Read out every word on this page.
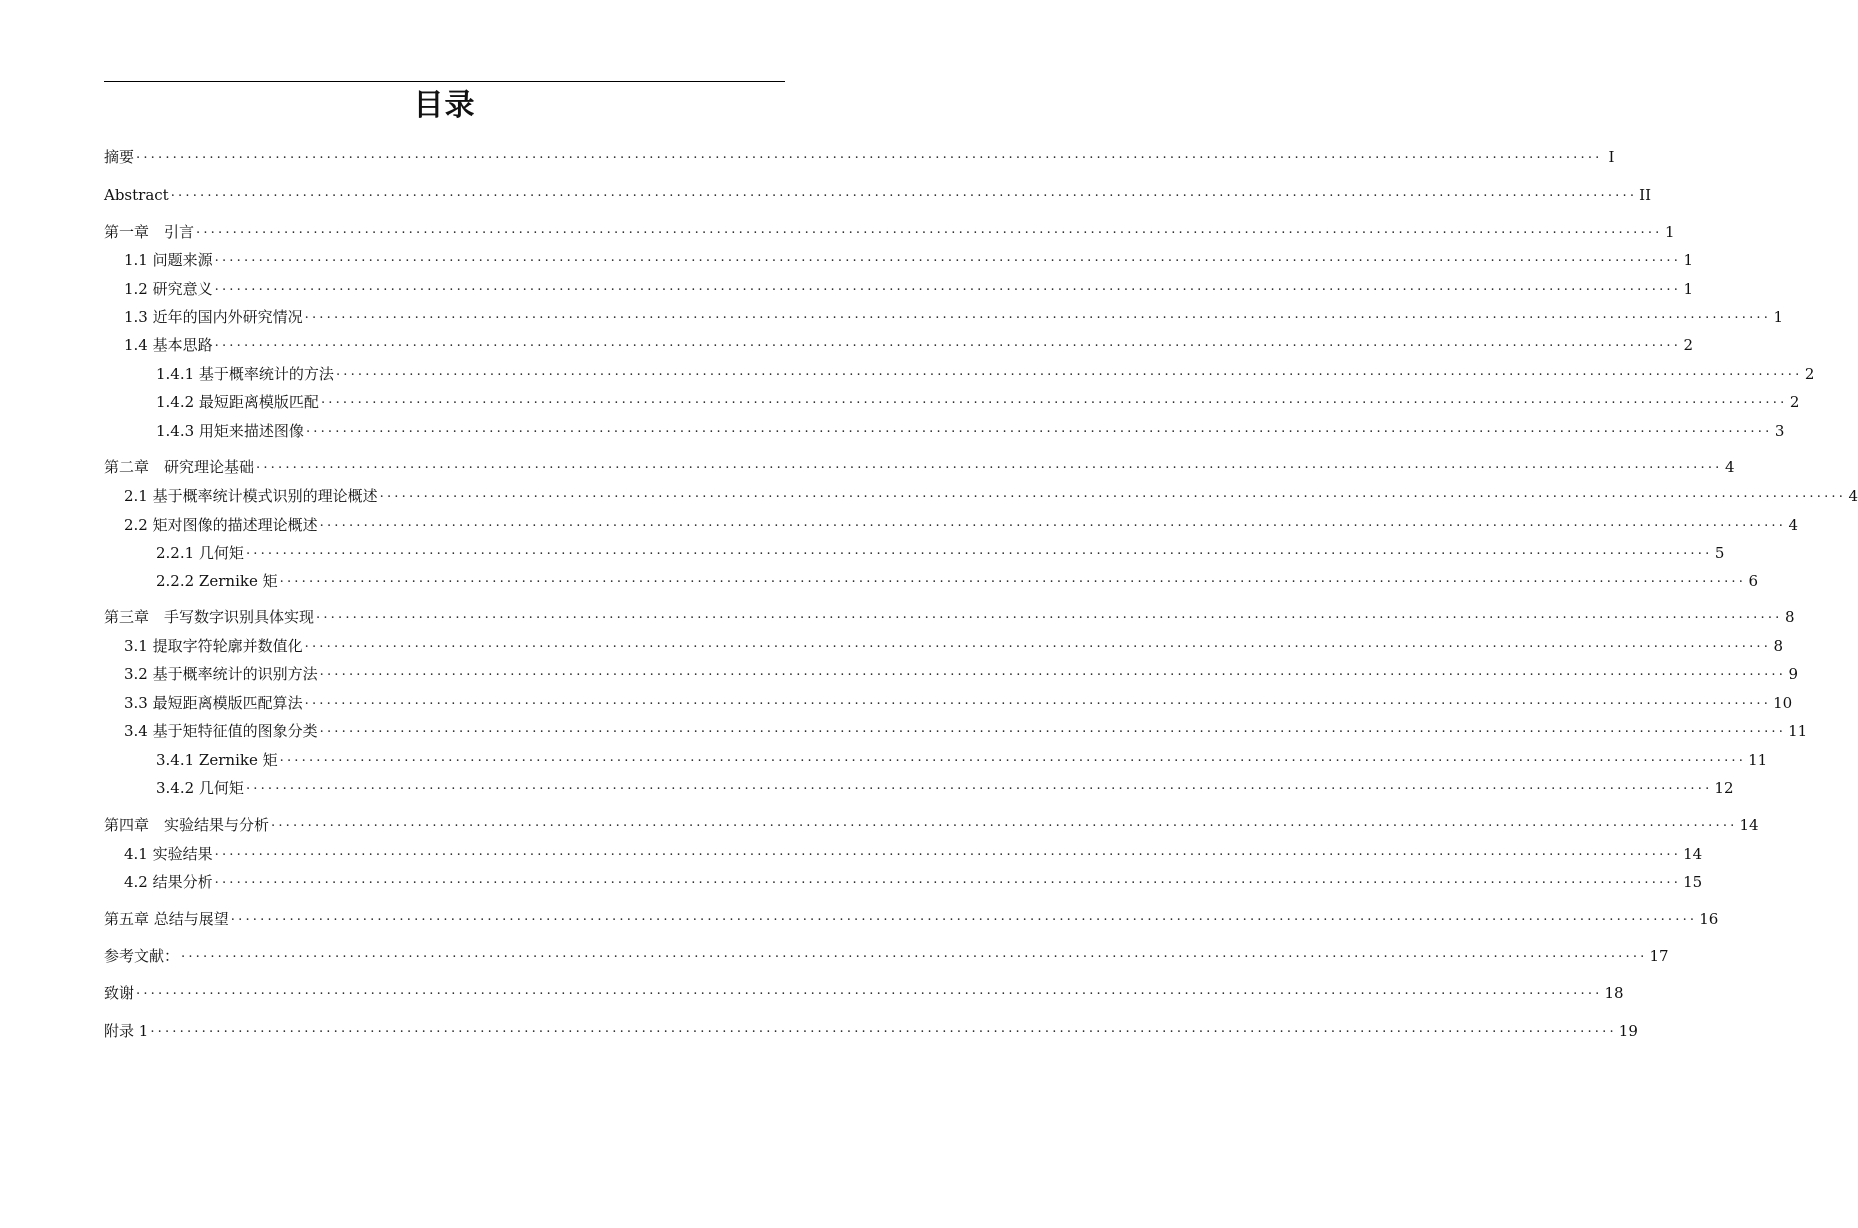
目录
摘要 ........................................................................................................................................................................................................ I
Abstract ........................................................................................................................................................................................................ II
第一章　引言 ........................................................................................................................................................................................................ 1
1.1 问题来源 ........................................................................................................................................................................................................ 1
1.2 研究意义 ........................................................................................................................................................................................................ 1
1.3 近年的国内外研究情况 ........................................................................................................................................................................................................ 1
1.4 基本思路 ........................................................................................................................................................................................................ 2
1.4.1 基于概率统计的方法 ........................................................................................................................................................................................................ 2
1.4.2 最短距离模版匹配 ........................................................................................................................................................................................................ 2
1.4.3 用矩来描述图像 ........................................................................................................................................................................................................ 3
第二章　研究理论基础 ........................................................................................................................................................................................................ 4
2.1 基于概率统计模式识别的理论概述 ........................................................................................................................................................................................................ 4
2.2 矩对图像的描述理论概述 ........................................................................................................................................................................................................ 4
2.2.1 几何矩 ........................................................................................................................................................................................................ 5
2.2.2 Zernike 矩 ........................................................................................................................................................................................................ 6
第三章　手写数字识别具体实现 ........................................................................................................................................................................................................ 8
3.1 提取字符轮廓并数值化 ........................................................................................................................................................................................................ 8
3.2 基于概率统计的识别方法 ........................................................................................................................................................................................................ 9
3.3 最短距离模版匹配算法 ........................................................................................................................................................................................................ 10
3.4 基于矩特征值的图象分类 ........................................................................................................................................................................................................ 11
3.4.1 Zernike 矩 ........................................................................................................................................................................................................ 11
3.4.2 几何矩 ........................................................................................................................................................................................................ 12
第四章　实验结果与分析 ........................................................................................................................................................................................................ 14
4.1 实验结果 ........................................................................................................................................................................................................ 14
4.2 结果分析 ........................................................................................................................................................................................................ 15
第五章 总结与展望 ........................................................................................................................................................................................................ 16
参考文献： ........................................................................................................................................................................................................ 17
致谢 ........................................................................................................................................................................................................ 18
附录 1 ........................................................................................................................................................................................................ 19
